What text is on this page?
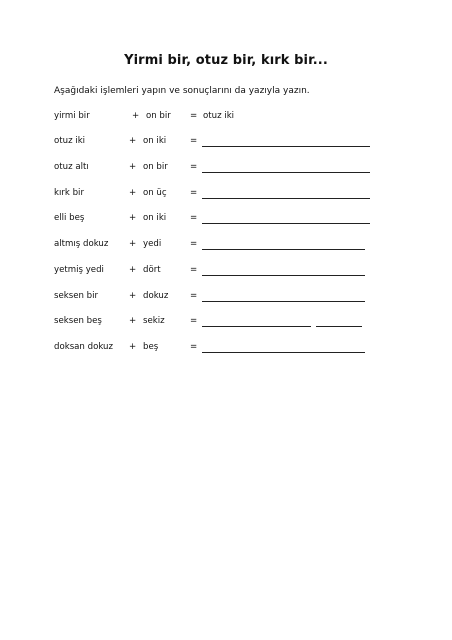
Yirmi bir, otuz bir, kırk bir...
Aşağıdaki işlemleri yapın ve sonuçlarını da yazıyla yazın.
yirmi bir	+ on bir = otuz iki
otuz iki	+ on iki	=
otuz altı	+ on bir	=
kırk bir	+ on üç	=
elli beş	+ on iki	=
altmış dokuz + yedi	=
yetmiş yedi	+ dört	=
seksen bir	+ dokuz	=
seksen beş	+ sekiz	=
doksan dokuz + beş	=
